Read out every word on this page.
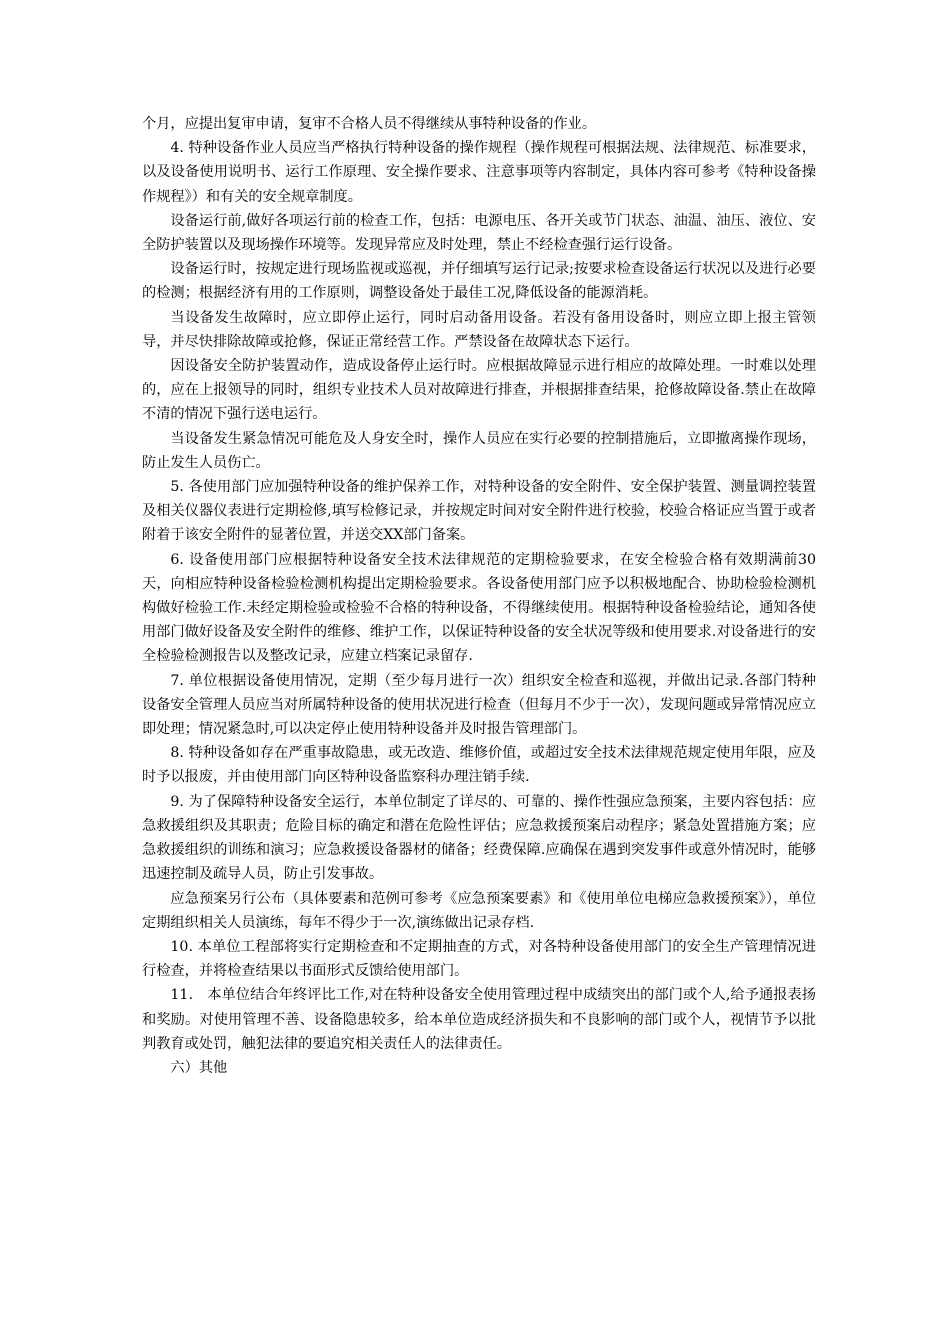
个月，应提出复审申请，复审不合格人员不得继续从事特种设备的作业。

4. 特种设备作业人员应当严格执行特种设备的操作规程（操作规程可根据法规、法律规范、标准要求，以及设备使用说明书、运行工作原理、安全操作要求、注意事项等内容制定，具体内容可参考《特种设备操作规程》）和有关的安全规章制度。

设备运行前,做好各项运行前的检查工作，包括：电源电压、各开关或节门状态、油温、油压、液位、安全防护装置以及现场操作环境等。发现异常应及时处理，禁止不经检查强行运行设备。

设备运行时，按规定进行现场监视或巡视，并仔细填写运行记录;按要求检查设备运行状况以及进行必要的检测；根据经济有用的工作原则，调整设备处于最佳工况,降低设备的能源消耗。

当设备发生故障时，应立即停止运行，同时启动备用设备。若没有备用设备时，则应立即上报主管领导，并尽快排除故障或抢修，保证正常经营工作。严禁设备在故障状态下运行。

因设备安全防护装置动作，造成设备停止运行时。应根据故障显示进行相应的故障处理。一时难以处理的，应在上报领导的同时，组织专业技术人员对故障进行排查，并根据排查结果，抢修故障设备.禁止在故障不清的情况下强行送电运行。

当设备发生紧急情况可能危及人身安全时，操作人员应在实行必要的控制措施后，立即撤离操作现场，防止发生人员伤亡。

5. 各使用部门应加强特种设备的维护保养工作，对特种设备的安全附件、安全保护装置、测量调控装置及相关仪器仪表进行定期检修,填写检修记录，并按规定时间对安全附件进行校验，校验合格证应当置于或者附着于该安全附件的显著位置，并送交XX部门备案。

6. 设备使用部门应根据特种设备安全技术法律规范的定期检验要求，在安全检验合格有效期满前30天，向相应特种设备检验检测机构提出定期检验要求。各设备使用部门应予以积极地配合、协助检验检测机构做好检验工作.未经定期检验或检验不合格的特种设备，不得继续使用。根据特种设备检验结论，通知各使用部门做好设备及安全附件的维修、维护工作，以保证特种设备的安全状况等级和使用要求.对设备进行的安全检验检测报告以及整改记录，应建立档案记录留存.

7. 单位根据设备使用情况，定期（至少每月进行一次）组织安全检查和巡视，并做出记录.各部门特种设备安全管理人员应当对所属特种设备的使用状况进行检查（但每月不少于一次），发现问题或异常情况应立即处理；情况紧急时,可以决定停止使用特种设备并及时报告管理部门。

8. 特种设备如存在严重事故隐患，或无改造、维修价值，或超过安全技术法律规范规定使用年限，应及时予以报废，并由使用部门向区特种设备监察科办理注销手续.

9. 为了保障特种设备安全运行，本单位制定了详尽的、可靠的、操作性强应急预案，主要内容包括：应急救援组织及其职责；危险目标的确定和潜在危险性评估；应急救援预案启动程序；紧急处置措施方案；应急救援组织的训练和演习；应急救援设备器材的储备；经费保障.应确保在遇到突发事件或意外情况时，能够迅速控制及疏导人员，防止引发事故。

应急预案另行公布（具体要素和范例可参考《应急预案要素》和《使用单位电梯应急救援预案》），单位定期组织相关人员演练，每年不得少于一次,演练做出记录存档.

10. 本单位工程部将实行定期检查和不定期抽查的方式，对各特种设备使用部门的安全生产管理情况进行检查，并将检查结果以书面形式反馈给使用部门。

11.　本单位结合年终评比工作,对在特种设备安全使用管理过程中成绩突出的部门或个人,给予通报表扬和奖励。对使用管理不善、设备隐患较多，给本单位造成经济损失和不良影响的部门或个人，视情节予以批判教育或处罚，触犯法律的要追究相关责任人的法律责任。

六）其他
